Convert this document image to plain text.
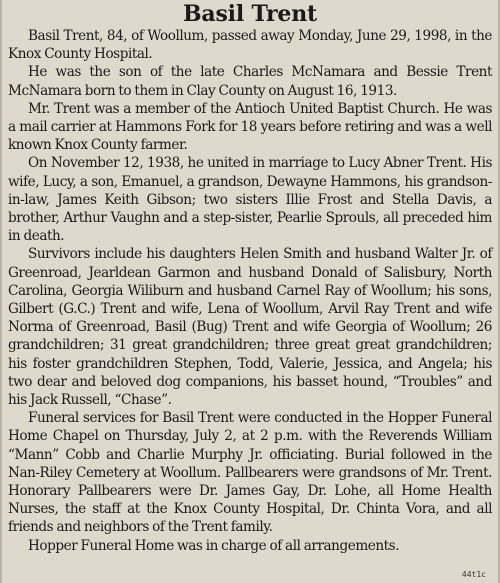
Basil Trent

Basil Trent, 84, of Woollum, passed away Monday, June 29, 1998, in the Knox County Hospital.

He was the son of the late Charles McNamara and Bessie Trent McNamara born to them in Clay County on August 16, 1913.

Mr. Trent was a member of the Antioch United Baptist Church. He was a mail carrier at Hammons Fork for 18 years before retiring and was a well known Knox County farmer.

On November 12, 1938, he united in marriage to Lucy Abner Trent. His wife, Lucy, a son, Emanuel, a grandson, Dewayne Hammons, his grandson-in-law, James Keith Gibson; two sisters Illie Frost and Stella Davis, a brother, Arthur Vaughn and a step-sister, Pearlie Sprouls, all preceded him in death.

Survivors include his daughters Helen Smith and husband Walter Jr. of Greenroad, Jearldean Garmon and husband Donald of Salisbury, North Carolina, Georgia Wiliburn and husband Carnel Ray of Woollum; his sons, Gilbert (G.C.) Trent and wife, Lena of Woollum, Arvil Ray Trent and wife Norma of Greenroad, Basil (Bug) Trent and wife Georgia of Woollum; 26 grandchildren; 31 great grandchildren; three great great grandchildren; his foster grandchildren Stephen, Todd, Valerie, Jessica, and Angela; his two dear and beloved dog companions, his basset hound, “Troubles” and his Jack Russell, “Chase”.

Funeral services for Basil Trent were conducted in the Hopper Funeral Home Chapel on Thursday, July 2, at 2 p.m. with the Reverends William “Mann” Cobb and Charlie Murphy Jr. officiating. Burial followed in the Nan-Riley Cemetery at Woollum. Pallbearers were grandsons of Mr. Trent. Honorary Pallbearers were Dr. James Gay, Dr. Lohe, all Home Health Nurses, the staff at the Knox County Hospital, Dr. Chinta Vora, and all friends and neighbors of the Trent family.

Hopper Funeral Home was in charge of all arrangements.

44t1c
